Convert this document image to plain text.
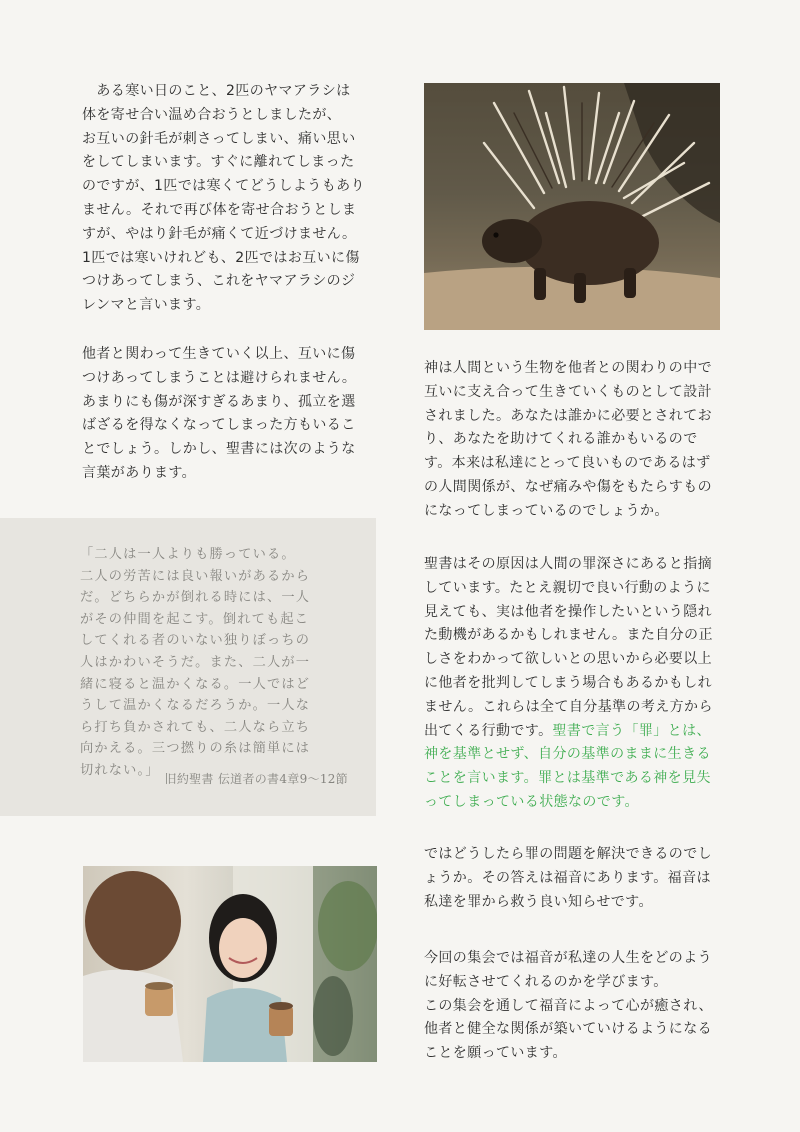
　ある寒い日のこと、2匹のヤマアラシは
体を寄せ合い温め合おうとしましたが、
お互いの針毛が刺さってしまい、痛い思い
をしてしまいます。すぐに離れてしまった
のですが、1匹では寒くてどうしようもあり
ません。それで再び体を寄せ合おうとしま
すが、やはり針毛が痛くて近づけません。
1匹では寒いけれども、2匹ではお互いに傷
つけあってしまう、これをヤマアラシのジ
レンマと言います。

他者と関わって生きていく以上、互いに傷
つけあってしまうことは避けられません。
あまりにも傷が深すぎるあまり、孤立を選
ばざるを得なくなってしまった方もいるこ
とでしょう。しかし、聖書には次のような
言葉があります。

「二人は一人よりも勝っている。
二人の労苦には良い報いがあるから
だ。どちらかが倒れる時には、一人
がその仲間を起こす。倒れても起こ
してくれる者のいない独りぼっちの
人はかわいそうだ。また、二人が一
緒に寝ると温かくなる。一人ではど
うして温かくなるだろうか。一人な
ら打ち負かされても、二人なら立ち
向かえる。三つ撚りの糸は簡単には
切れない。」

旧約聖書 伝道者の書4章9～12節

神は人間という生物を他者との関わりの中で
互いに支え合って生きていくものとして設計
されました。あなたは誰かに必要とされてお
り、あなたを助けてくれる誰かもいるので
す。本来は私達にとって良いものであるはず
の人間関係が、なぜ痛みや傷をもたらすもの
になってしまっているのでしょうか。

聖書はその原因は人間の罪深さにあると指摘
しています。たとえ親切で良い行動のように
見えても、実は他者を操作したいという隠れ
た動機があるかもしれません。また自分の正
しさをわかって欲しいとの思いから必要以上
に他者を批判してしまう場合もあるかもしれ
ません。これらは全て自分基準の考え方から
出てくる行動です。聖書で言う「罪」とは、
神を基準とせず、自分の基準のままに生きる
ことを言います。罪とは基準である神を見失
ってしまっている状態なのです。

ではどうしたら罪の問題を解決できるのでし
ょうか。その答えは福音にあります。福音は
私達を罪から救う良い知らせです。

今回の集会では福音が私達の人生をどのよう
に好転させてくれるのかを学びます。
この集会を通して福音によって心が癒され、
他者と健全な関係が築いていけるようになる
ことを願っています。
